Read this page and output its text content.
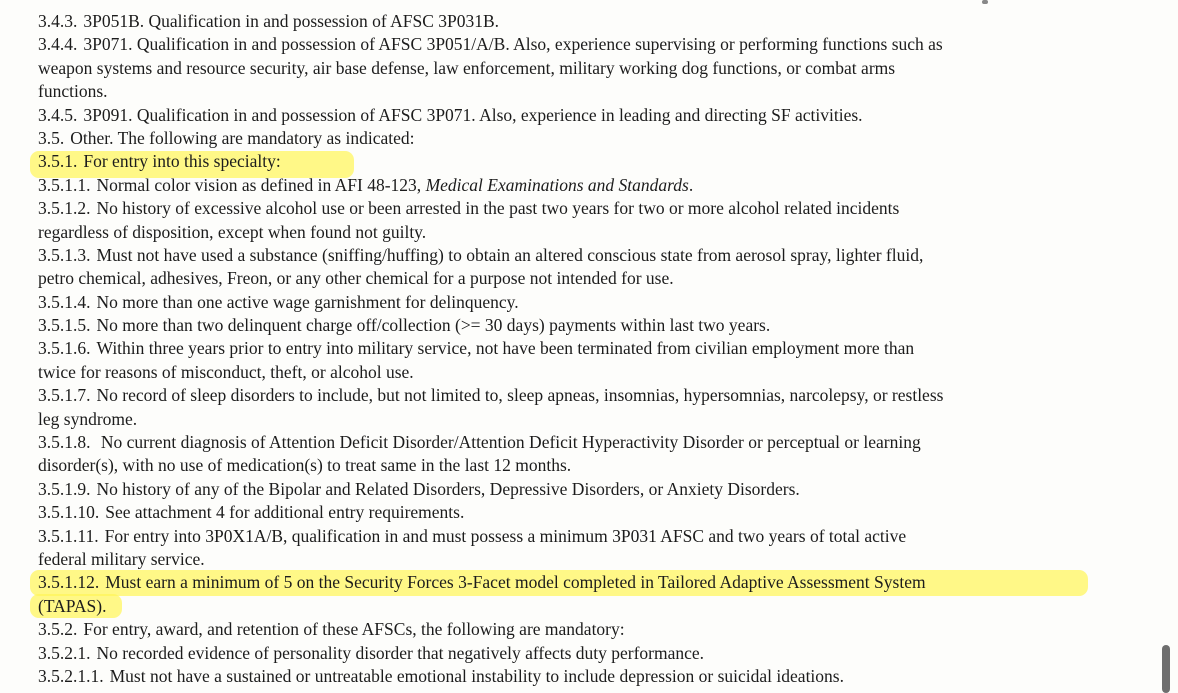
3.4.3. 3P051B. Qualification in and possession of AFSC 3P031B.
3.4.4. 3P071. Qualification in and possession of AFSC 3P051/A/B. Also, experience supervising or performing functions such as
weapon systems and resource security, air base defense, law enforcement, military working dog functions, or combat arms
functions.
3.4.5. 3P091. Qualification in and possession of AFSC 3P071. Also, experience in leading and directing SF activities.
3.5. Other. The following are mandatory as indicated:
3.5.1. For entry into this specialty:
3.5.1.1. Normal color vision as defined in AFI 48-123, Medical Examinations and Standards.
3.5.1.2. No history of excessive alcohol use or been arrested in the past two years for two or more alcohol related incidents
regardless of disposition, except when found not guilty.
3.5.1.3. Must not have used a substance (sniffing/huffing) to obtain an altered conscious state from aerosol spray, lighter fluid,
petro chemical, adhesives, Freon, or any other chemical for a purpose not intended for use.
3.5.1.4. No more than one active wage garnishment for delinquency.
3.5.1.5. No more than two delinquent charge off/collection (>= 30 days) payments within last two years.
3.5.1.6. Within three years prior to entry into military service, not have been terminated from civilian employment more than
twice for reasons of misconduct, theft, or alcohol use.
3.5.1.7. No record of sleep disorders to include, but not limited to, sleep apneas, insomnias, hypersomnias, narcolepsy, or restless
leg syndrome.
3.5.1.8. No current diagnosis of Attention Deficit Disorder/Attention Deficit Hyperactivity Disorder or perceptual or learning
disorder(s), with no use of medication(s) to treat same in the last 12 months.
3.5.1.9. No history of any of the Bipolar and Related Disorders, Depressive Disorders, or Anxiety Disorders.
3.5.1.10. See attachment 4 for additional entry requirements.
3.5.1.11. For entry into 3P0X1A/B, qualification in and must possess a minimum 3P031 AFSC and two years of total active
federal military service.
3.5.1.12. Must earn a minimum of 5 on the Security Forces 3-Facet model completed in Tailored Adaptive Assessment System
(TAPAS).
3.5.2. For entry, award, and retention of these AFSCs, the following are mandatory:
3.5.2.1. No recorded evidence of personality disorder that negatively affects duty performance.
3.5.2.1.1. Must not have a sustained or untreatable emotional instability to include depression or suicidal ideations.
